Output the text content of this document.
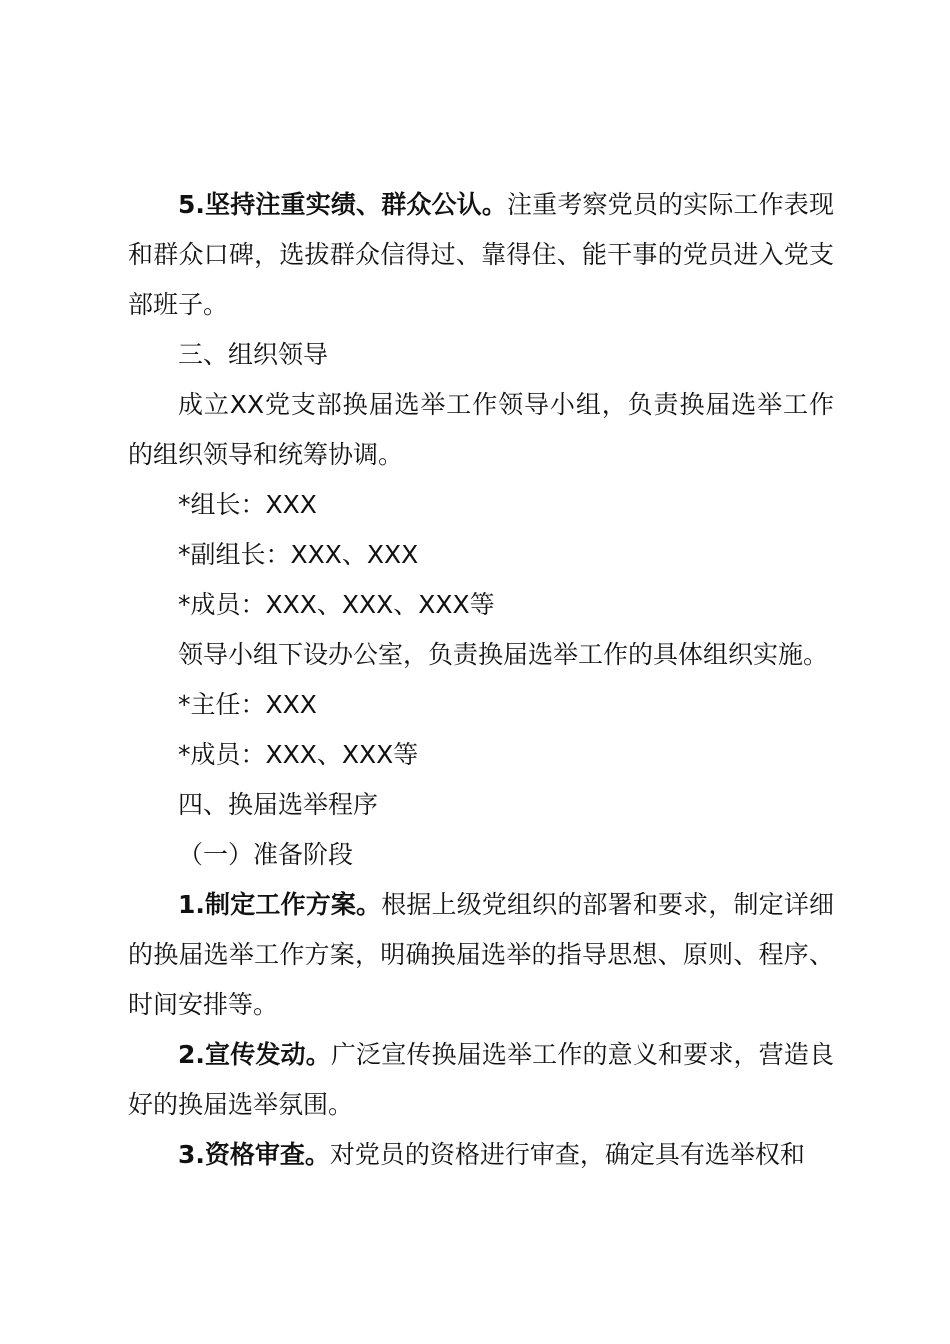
5.坚持注重实绩、群众公认。注重考察党员的实际工作表现和群众口碑，选拔群众信得过、靠得住、能干事的党员进入党支部班子。

三、组织领导

成立XX党支部换届选举工作领导小组，负责换届选举工作的组织领导和统筹协调。

*组长：XXX

*副组长：XXX、XXX

*成员：XXX、XXX、XXX等

领导小组下设办公室，负责换届选举工作的具体组织实施。

*主任：XXX

*成员：XXX、XXX等

四、换届选举程序

（一）准备阶段

1.制定工作方案。根据上级党组织的部署和要求，制定详细的换届选举工作方案，明确换届选举的指导思想、原则、程序、时间安排等。

2.宣传发动。广泛宣传换届选举工作的意义和要求，营造良好的换届选举氛围。

3.资格审查。对党员的资格进行审查，确定具有选举权和
